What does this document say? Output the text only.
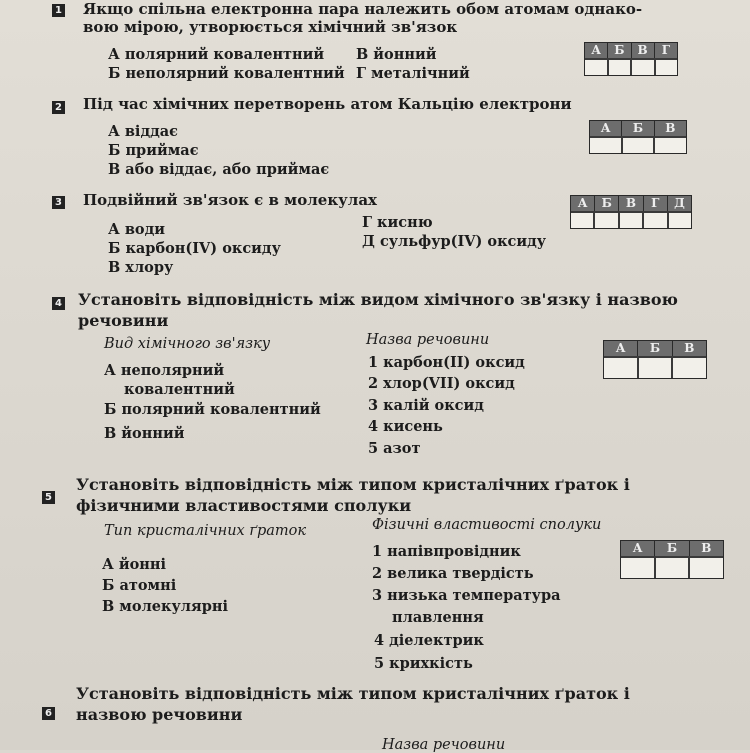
1 Якщо спільна електронна пара належить обом атомам однако-
вою мірою, утворюється хімічний зв'язок
А полярний ковалентний
Б неполярний ковалентний
В йонний
Г металічний
А	Б	В	Г
2 Під час хімічних перетворень атом Кальцію електрони
А віддає
Б приймає
В або віддає, або приймає
А	Б	В
3 Подвійний зв'язок є в молекулах
А води
Б карбон(IV) оксиду
В хлору
Г кисню
Д сульфур(IV) оксиду
А	Б	В	Г	Д
4 Установіть відповідність між видом хімічного зв'язку і назвою
речовини
Вид хімічного зв'язку	Назва речовини
А неполярний
ковалентний
Б полярний ковалентний
В йонний
1 карбон(II) оксид
2 хлор(VII) оксид
3 калій оксид
4 кисень
5 азот
А	Б	В
5
Установіть відповідність між типом кристалічних ґраток і
фізичними властивостями сполуки
Тип кристалічних ґраток	Фізичні властивості сполуки
А йонні
Б атомні
В молекулярні
1 напівпровідник
2 велика твердість
3 низька температура
плавлення
4 діелектрик
5 крихкість
А	Б	В
6
Установіть відповідність між типом кристалічних ґраток і
назвою речовини
Назва речовини
